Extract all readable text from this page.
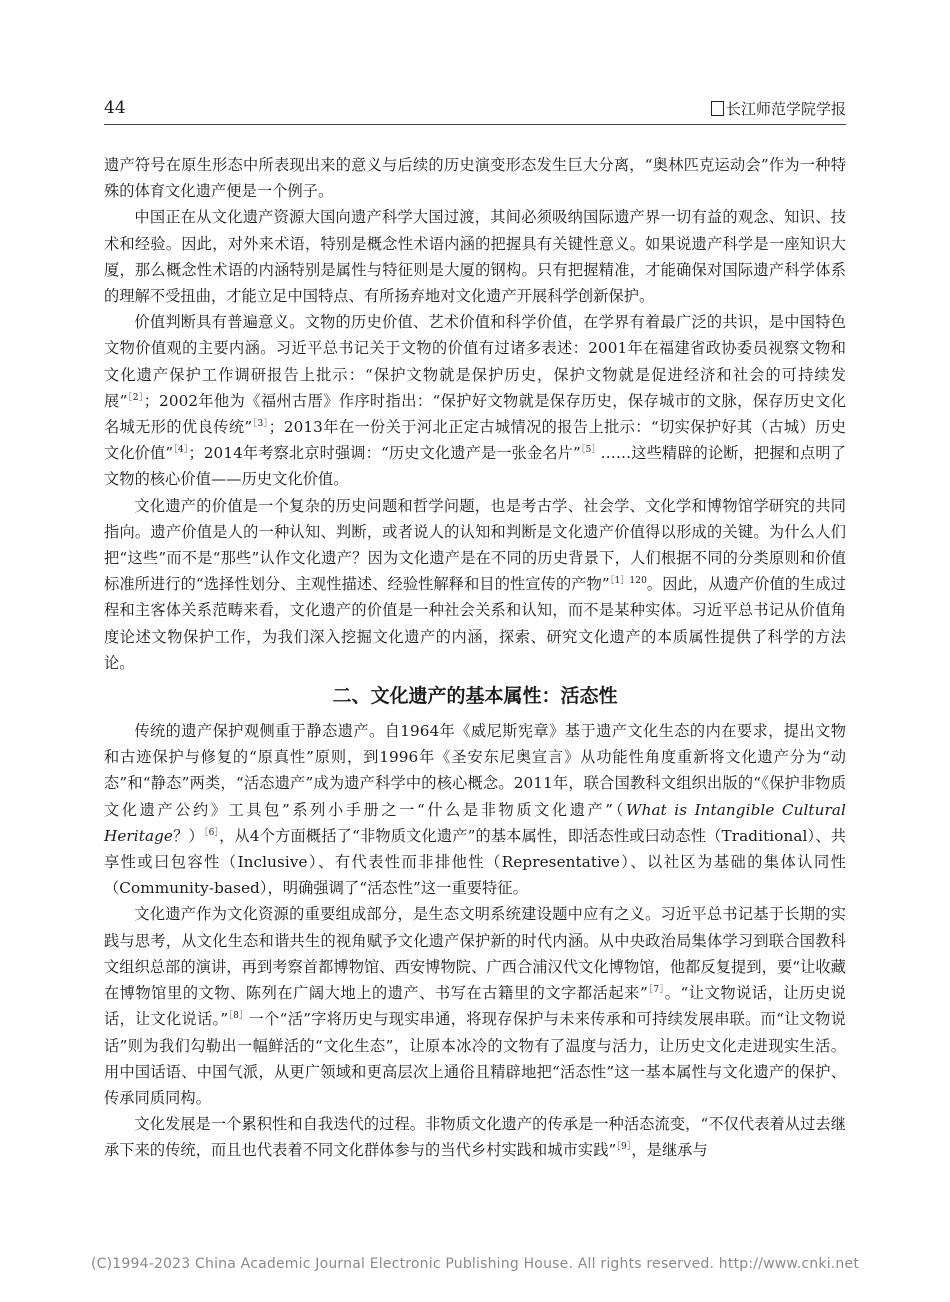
44	长江师范学院学报

遗产符号在原生形态中所表现出来的意义与后续的历史演变形态发生巨大分离，“奥林匹克运动会”作为一种特殊的体育文化遗产便是一个例子。

中国正在从文化遗产资源大国向遗产科学大国过渡，其间必须吸纳国际遗产界一切有益的观念、知识、技术和经验。因此，对外来术语，特别是概念性术语内涵的把握具有关键性意义。如果说遗产科学是一座知识大厦，那么概念性术语的内涵特别是属性与特征则是大厦的钢构。只有把握精准，才能确保对国际遗产科学体系的理解不受扭曲，才能立足中国特点、有所扬弃地对文化遗产开展科学创新保护。

价值判断具有普遍意义。文物的历史价值、艺术价值和科学价值，在学界有着最广泛的共识，是中国特色文物价值观的主要内涵。习近平总书记关于文物的价值有过诸多表述：2001年在福建省政协委员视察文物和文化遗产保护工作调研报告上批示：“保护文物就是保护历史，保护文物就是促进经济和社会的可持续发展”$^{[2]}$；2002年他为《福州古厝》作序时指出：“保护好文物就是保存历史，保存城市的文脉，保存历史文化名城无形的优良传统”$^{[3]}$；2013年在一份关于河北正定古城情况的报告上批示：“切实保护好其（古城）历史文化价值”$^{[4]}$；2014年考察北京时强调：“历史文化遗产是一张金名片”$^{[5]}$……这些精辟的论断，把握和点明了文物的核心价值——历史文化价值。

文化遗产的价值是一个复杂的历史问题和哲学问题，也是考古学、社会学、文化学和博物馆学研究的共同指向。遗产价值是人的一种认知、判断，或者说人的认知和判断是文化遗产价值得以形成的关键。为什么人们把“这些”而不是“那些”认作文化遗产？因为文化遗产是在不同的历史背景下，人们根据不同的分类原则和价值标准所进行的“选择性划分、主观性描述、经验性解释和目的性宣传的产物”$^{[1]120}$。因此，从遗产价值的生成过程和主客体关系范畴来看，文化遗产的价值是一种社会关系和认知，而不是某种实体。习近平总书记从价值角度论述文物保护工作，为我们深入挖掘文化遗产的内涵，探索、研究文化遗产的本质属性提供了科学的方法论。

二、文化遗产的基本属性：活态性

传统的遗产保护观侧重于静态遗产。自1964年《威尼斯宪章》基于遗产文化生态的内在要求，提出文物和古迹保护与修复的“原真性”原则，到1996年《圣安东尼奥宣言》从功能性角度重新将文化遗产分为“动态”和“静态”两类，“活态遗产”成为遗产科学中的核心概念。2011年，联合国教科文组织出版的“《保护非物质文化遗产公约》工具包”系列小手册之一“什么是非物质文化遗产”（What is Intangible Cultural Heritage？）$^{[6]}$，从4个方面概括了“非物质文化遗产”的基本属性，即活态性或曰动态性（Traditional）、共享性或曰包容性（Inclusive）、有代表性而非排他性（Representative）、以社区为基础的集体认同性（Community-based），明确强调了“活态性”这一重要特征。

文化遗产作为文化资源的重要组成部分，是生态文明系统建设题中应有之义。习近平总书记基于长期的实践与思考，从文化生态和谐共生的视角赋予文化遗产保护新的时代内涵。从中央政治局集体学习到联合国教科文组织总部的演讲，再到考察首都博物馆、西安博物院、广西合浦汉代文化博物馆，他都反复提到，要“让收藏在博物馆里的文物、陈列在广阔大地上的遗产、书写在古籍里的文字都活起来”$^{[7]}$。“让文物说话，让历史说话，让文化说话。”$^{[8]}$一个“活”字将历史与现实串通，将现存保护与未来传承和可持续发展串联。而“让文物说话”则为我们勾勒出一幅鲜活的“文化生态”，让原本冰冷的文物有了温度与活力，让历史文化走进现实生活。用中国话语、中国气派，从更广领域和更高层次上通俗且精辟地把“活态性”这一基本属性与文化遗产的保护、传承同质同构。

文化发展是一个累积性和自我迭代的过程。非物质文化遗产的传承是一种活态流变，“不仅代表着从过去继承下来的传统，而且也代表着不同文化群体参与的当代乡村实践和城市实践”$^{[9]}$，是继承与

(C)1994-2023 China Academic Journal Electronic Publishing House. All rights reserved. http://www.cnki.net
